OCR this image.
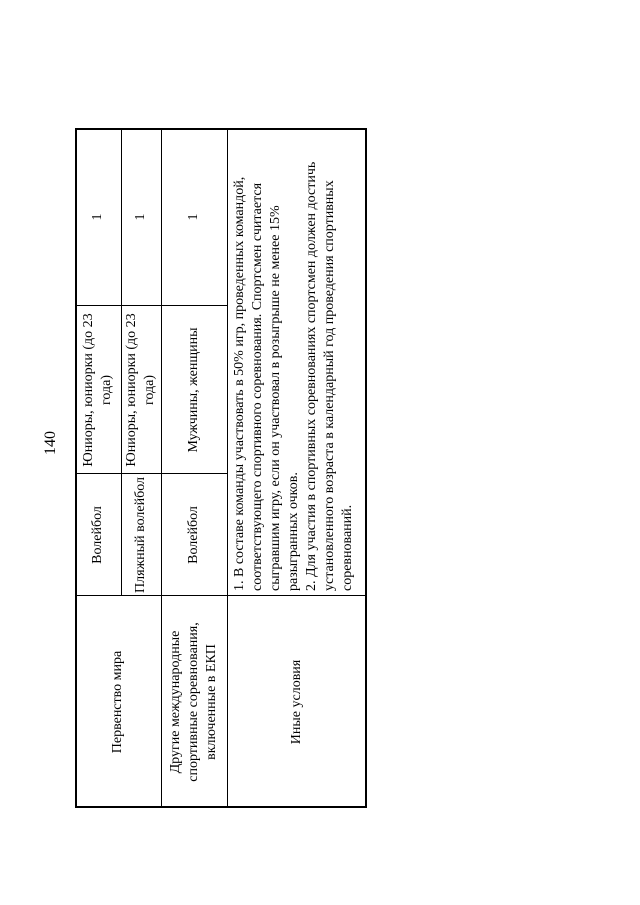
140
Первенство мира
Волейбол
Юниоры, юниорки (до 23 года)
1
Пляжный волейбол
Юниоры, юниорки (до 23 года)
1
Другие международные спортивные соревнования, включенные в ЕКП
Волейбол
Мужчины, женщины
1
Иные условия

1. В составе команды участвовать в 50% игр, проведенных командой, соответствующего спортивного соревнования. Спортсмен считается сыгравшим игру, если он участвовал в розыгрыше не менее 15% разыгранных очков. 2. Для участия в спортивных соревнованиях спортсмен должен достичь установленного возраста в календарный год проведения спортивных соревнований.
